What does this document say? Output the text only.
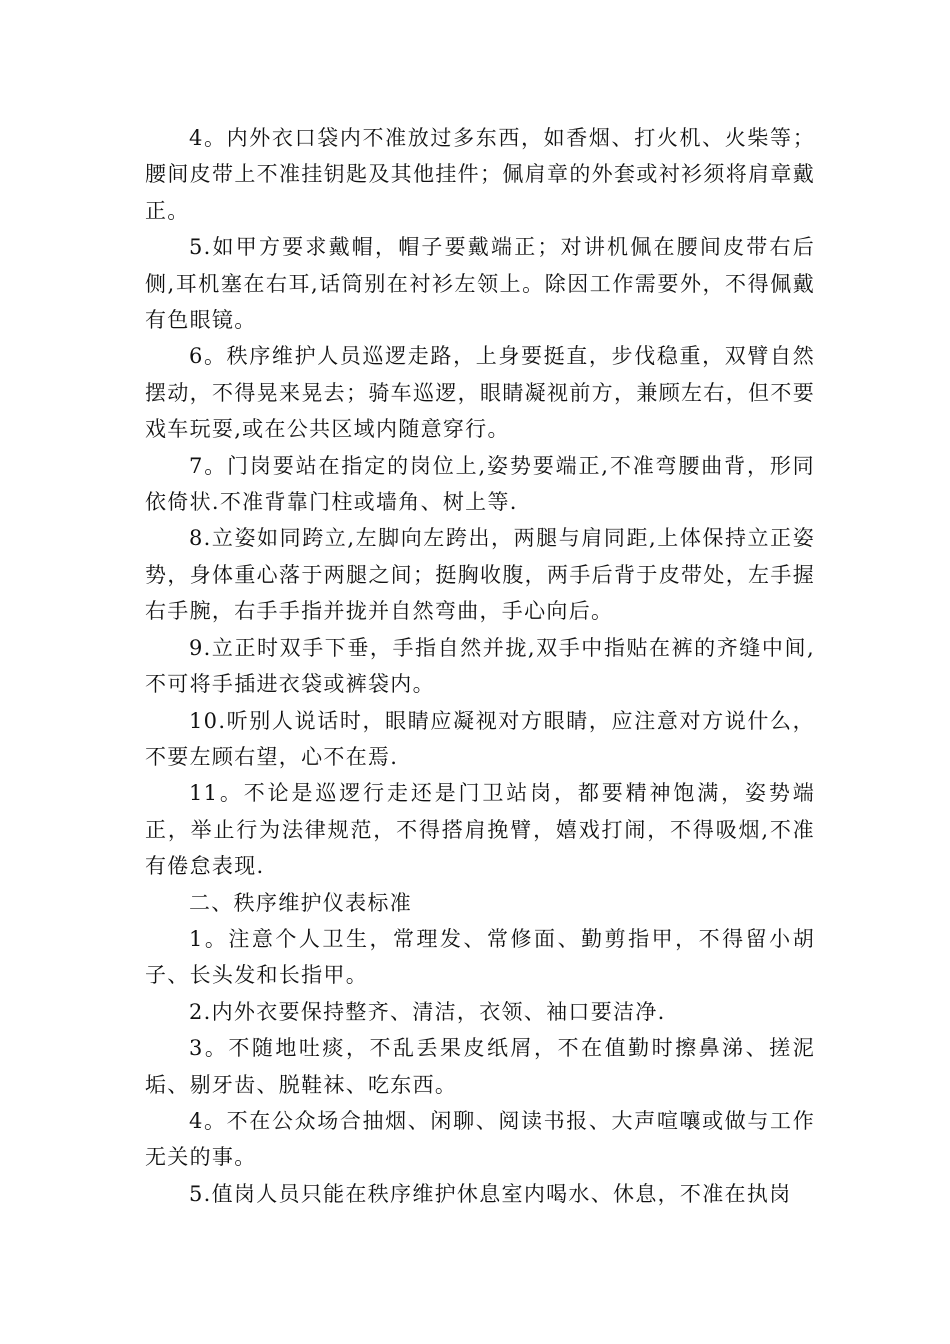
4。内外衣口袋内不准放过多东西，如香烟、打火机、火柴等；腰间皮带上不准挂钥匙及其他挂件；佩肩章的外套或衬衫须将肩章戴正。

5.如甲方要求戴帽，帽子要戴端正；对讲机佩在腰间皮带右后侧,耳机塞在右耳,话筒别在衬衫左领上。除因工作需要外，不得佩戴有色眼镜。

6。秩序维护人员巡逻走路，上身要挺直，步伐稳重，双臂自然摆动，不得晃来晃去；骑车巡逻，眼睛凝视前方，兼顾左右，但不要戏车玩耍,或在公共区域内随意穿行。

7。门岗要站在指定的岗位上,姿势要端正,不准弯腰曲背，形同依倚状.不准背靠门柱或墙角、树上等.

8.立姿如同跨立,左脚向左跨出，两腿与肩同距,上体保持立正姿势，身体重心落于两腿之间；挺胸收腹，两手后背于皮带处，左手握右手腕，右手手指并拢并自然弯曲，手心向后。

9.立正时双手下垂，手指自然并拢,双手中指贴在裤的齐缝中间,不可将手插进衣袋或裤袋内。

10.听别人说话时，眼睛应凝视对方眼睛，应注意对方说什么，不要左顾右望，心不在焉.

11。不论是巡逻行走还是门卫站岗，都要精神饱满，姿势端正，举止行为法律规范，不得搭肩挽臂，嬉戏打闹，不得吸烟,不准有倦怠表现.

二、秩序维护仪表标准

1。注意个人卫生，常理发、常修面、勤剪指甲，不得留小胡子、长头发和长指甲。

2.内外衣要保持整齐、清洁，衣领、袖口要洁净.

3。不随地吐痰，不乱丢果皮纸屑，不在值勤时擦鼻涕、搓泥垢、剔牙齿、脱鞋袜、吃东西。

4。不在公众场合抽烟、闲聊、阅读书报、大声喧嚷或做与工作无关的事。

5.值岗人员只能在秩序维护休息室内喝水、休息，不准在执岗
